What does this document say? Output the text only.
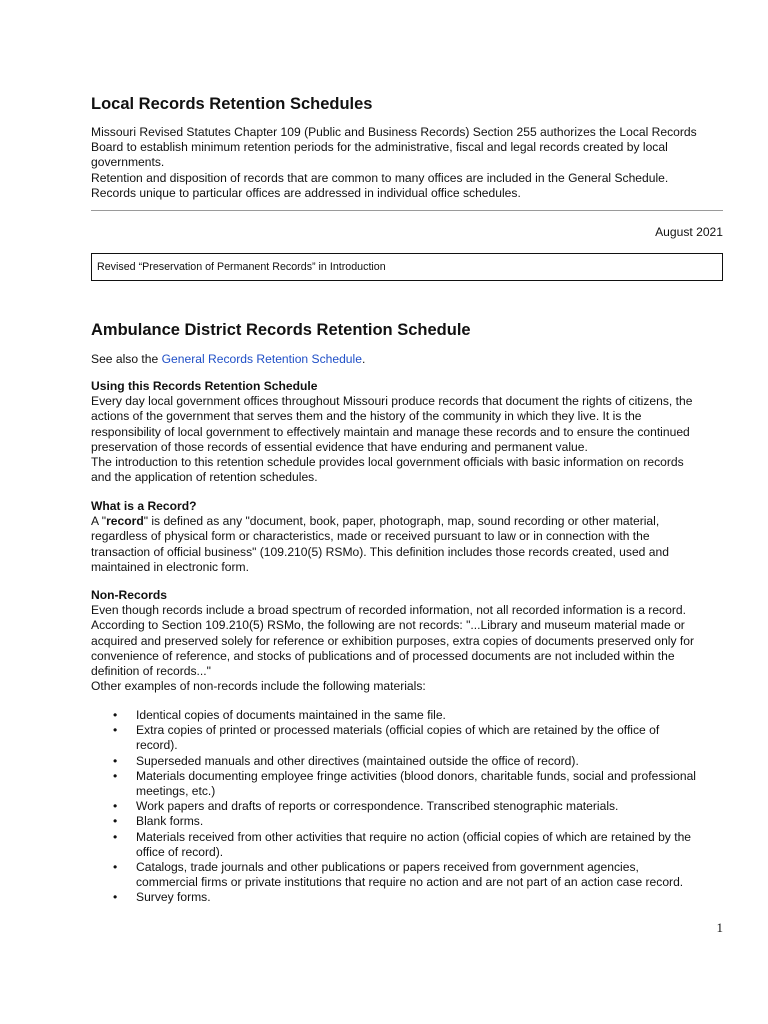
Local Records Retention Schedules
Missouri Revised Statutes Chapter 109 (Public and Business Records) Section 255 authorizes the Local Records
Board to establish minimum retention periods for the administrative, fiscal and legal records created by local
governments.
Retention and disposition of records that are common to many offices are included in the General Schedule.
Records unique to particular offices are addressed in individual office schedules.
August 2021
Revised “Preservation of Permanent Records” in Introduction
Ambulance District Records Retention Schedule
See also the General Records Retention Schedule.
Using this Records Retention Schedule
Every day local government offices throughout Missouri produce records that document the rights of citizens, the
actions of the government that serves them and the history of the community in which they live. It is the
responsibility of local government to effectively maintain and manage these records and to ensure the continued
preservation of those records of essential evidence that have enduring and permanent value.
The introduction to this retention schedule provides local government officials with basic information on records
and the application of retention schedules.
What is a Record?
A "record" is defined as any "document, book, paper, photograph, map, sound recording or other material,
regardless of physical form or characteristics, made or received pursuant to law or in connection with the
transaction of official business" (109.210(5) RSMo). This definition includes those records created, used and
maintained in electronic form.
Non-Records
Even though records include a broad spectrum of recorded information, not all recorded information is a record.
According to Section 109.210(5) RSMo, the following are not records: "...Library and museum material made or
acquired and preserved solely for reference or exhibition purposes, extra copies of documents preserved only for
convenience of reference, and stocks of publications and of processed documents are not included within the
definition of records..."
Other examples of non-records include the following materials:
• Identical copies of documents maintained in the same file.
• Extra copies of printed or processed materials (official copies of which are retained by the office of
record).
• Superseded manuals and other directives (maintained outside the office of record).
• Materials documenting employee fringe activities (blood donors, charitable funds, social and professional
meetings, etc.)
• Work papers and drafts of reports or correspondence. Transcribed stenographic materials.
• Blank forms.
• Materials received from other activities that require no action (official copies of which are retained by the
office of record).
• Catalogs, trade journals and other publications or papers received from government agencies,
commercial firms or private institutions that require no action and are not part of an action case record.
• Survey forms.
1
